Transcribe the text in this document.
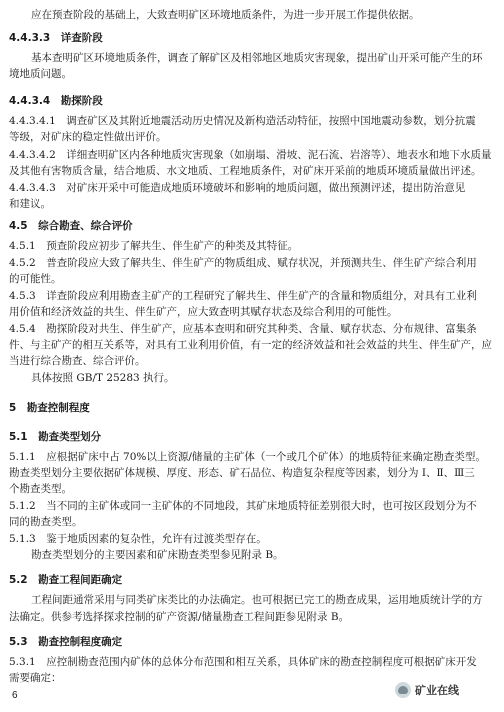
应在预查阶段的基础上，大致查明矿区环境地质条件，为进一步开展工作提供依据。
4.4.3.3　详查阶段
基本查明矿区环境地质条件，调查了解矿区及相邻地区地质灾害现象，提出矿山开采可能产生的环
境地质问题。
4.4.3.4　勘探阶段
4.4.3.4.1　调查矿区及其附近地震活动历史情况及新构造活动特征，按照中国地震动参数，划分抗震
等级，对矿床的稳定性做出评价。
4.4.3.4.2　详细查明矿区内各种地质灾害现象（如崩塌、滑坡、泥石流、岩溶等）、地表水和地下水质量
及其他有害物质含量，结合地质、水文地质、工程地质条件，对矿床开采前的地质环境质量做出评述。
4.4.3.4.3　对矿床开采中可能造成地质环境破坏和影响的地质问题，做出预测评述，提出防治意见
和建议。
4.5　综合勘查、综合评价
4.5.1　预查阶段应初步了解共生、伴生矿产的种类及其特征。
4.5.2　普查阶段应大致了解共生、伴生矿产的物质组成、赋存状况，并预测共生、伴生矿产综合利用
的可能性。
4.5.3　详查阶段应利用勘查主矿产的工程研究了解共生、伴生矿产的含量和物质组分，对具有工业利
用价值和经济效益的共生、伴生矿产，应大致查明其赋存状态及综合利用的可能性。
4.5.4　勘探阶段对共生、伴生矿产，应基本查明和研究其种类、含量、赋存状态、分布规律、富集条
件、与主矿产的相互关系等，对具有工业利用价值，有一定的经济效益和社会效益的共生、伴生矿产，应
当进行综合勘查、综合评价。
具体按照 GB/T 25283 执行。
5　勘查控制程度
5.1　勘查类型划分
5.1.1　应根据矿床中占 70%以上资源/储量的主矿体（一个或几个矿体）的地质特征来确定勘查类型。
勘查类型划分主要依据矿体规模、厚度、形态、矿石品位、构造复杂程度等因素，划分为 Ⅰ、Ⅱ、Ⅲ三
个勘查类型。
5.1.2　当不同的主矿体或同一主矿体的不同地段，其矿床地质特征差别很大时，也可按区段划分为不
同的勘查类型。
5.1.3　鉴于地质因素的复杂性，允许有过渡类型存在。
勘查类型划分的主要因素和矿床勘查类型参见附录 B。
5.2　勘查工程间距确定
工程间距通常采用与同类矿床类比的办法确定。也可根据已完工的勘查成果，运用地质统计学的方
法确定。供参考选择探求控制的矿产资源/储量勘查工程间距参见附录 B。
5.3　勘查控制程度确定
5.3.1　应控制勘查范围内矿体的总体分布范围和相互关系，具体矿床的勘查控制程度可根据矿床开发
需要确定：
6	矿业在线
